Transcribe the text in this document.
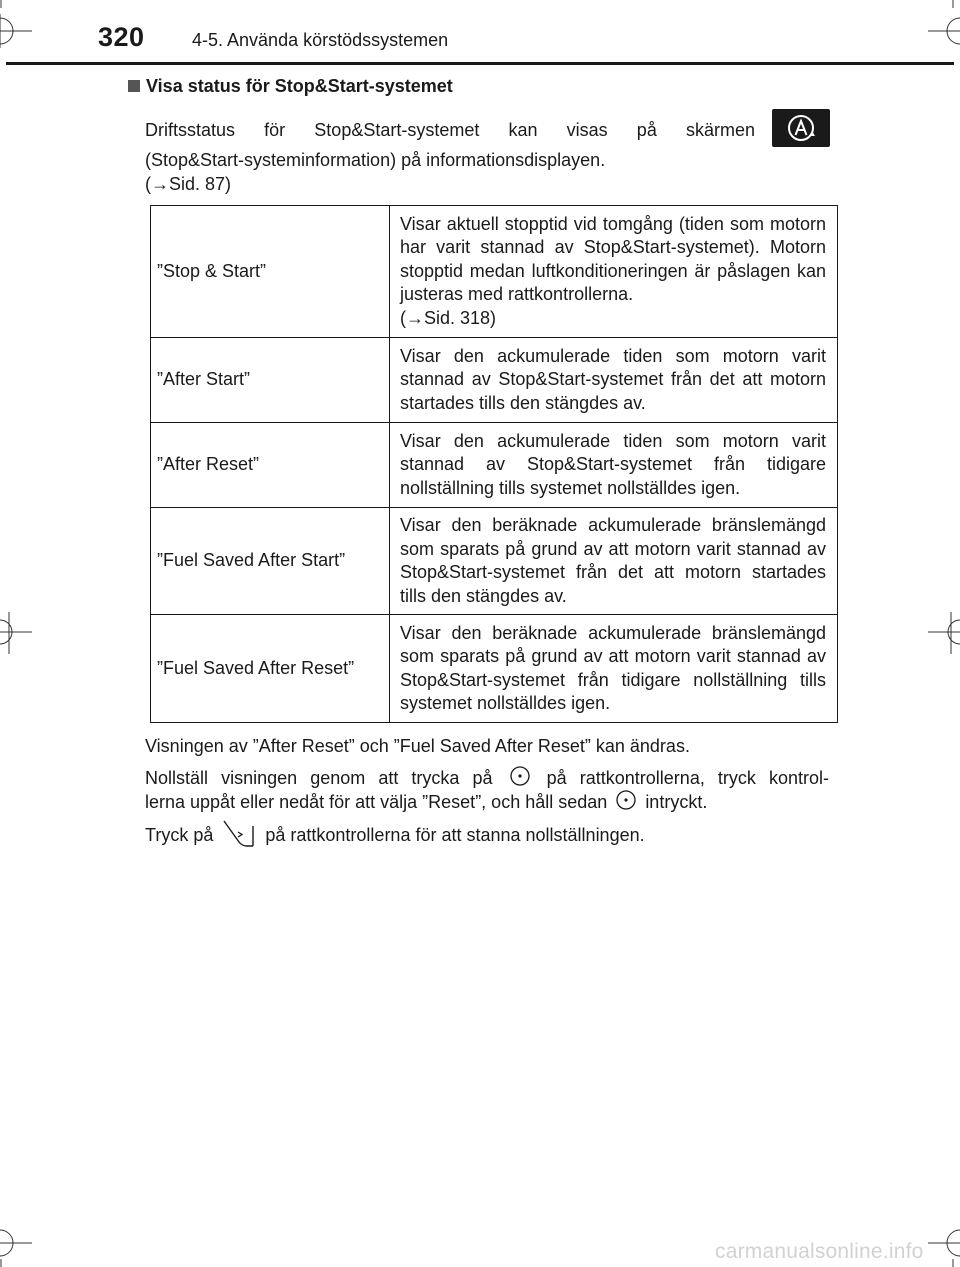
320	4-5. Använda körstödssystemen
Visa status för Stop&Start-systemet
Driftsstatus för Stop&Start-systemet kan visas på skärmen
(Stop&Start-systeminformation) på informationsdisplayen.
(→Sid. 87)
”Stop & Start”	Visar aktuell stopptid vid tomgång (tiden som motorn har varit stannad av Stop&Start-systemet). Motorn stopptid medan luftkonditioneringen är påslagen kan justeras med rattkontrollerna.
(→Sid. 318)

”After Start”	Visar den ackumulerade tiden som motorn varit stannad av Stop&Start-systemet från det att motorn startades tills den stängdes av.
”After Reset”	Visar den ackumulerade tiden som motorn varit stannad av Stop&Start-systemet från tidigare nollställning tills systemet nollställdes igen.
”Fuel Saved After Start”	Visar den beräknade ackumulerade bränslemängd som sparats på grund av att motorn varit stannad av Stop&Start-systemet från det att motorn startades tills den stängdes av.
”Fuel Saved After Reset”	Visar den beräknade ackumulerade bränslemängd som sparats på grund av att motorn varit stannad av Stop&Start-systemet från tidigare nollställning tills systemet nollställdes igen.
Visningen av ”After Reset” och ”Fuel Saved After Reset” kan ändras.
Nollställ visningen genom att trycka på	på rattkontrollerna, tryck kontrol-
lerna uppåt eller nedåt för att välja ”Reset”, och håll sedan intryckt.
Tryck på	på rattkontrollerna för att stanna nollställningen.
carmanualsonline.info
